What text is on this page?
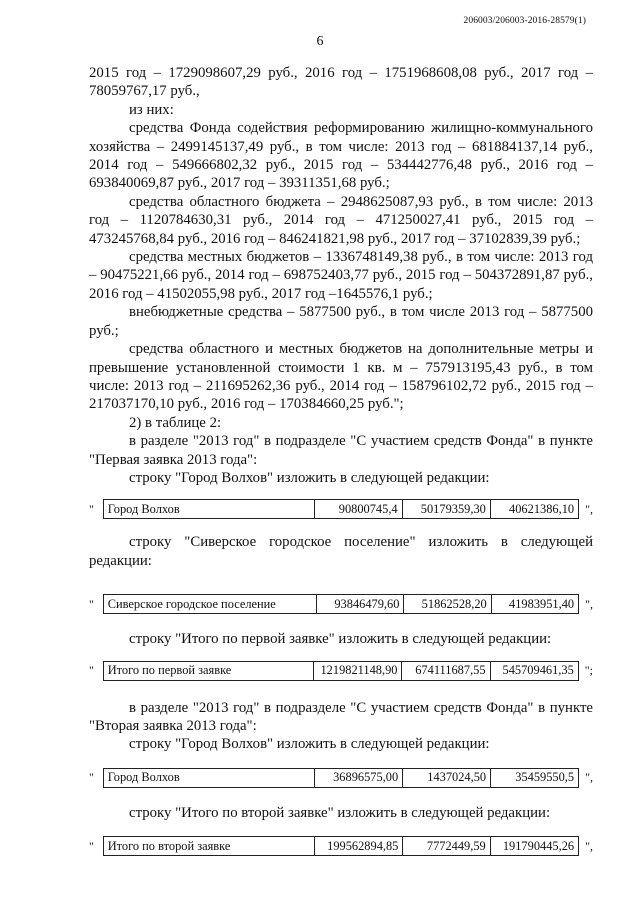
206003/206003-2016-28579(1)
6

2015 год – 1729098607,29 руб., 2016 год – 1751968608,08 руб., 2017 год – 78059767,17 руб.,

из них:

средства Фонда содействия реформированию жилищно-коммунального хозяйства – 2499145137,49 руб., в том числе: 2013 год – 681884137,14 руб., 2014 год – 549666802,32 руб., 2015 год – 534442776,48 руб., 2016 год – 693840069,87 руб., 2017 год – 39311351,68 руб.;

средства областного бюджета – 2948625087,93 руб., в том числе: 2013 год – 1120784630,31 руб., 2014 год – 471250027,41 руб., 2015 год – 473245768,84 руб., 2016 год – 846241821,98 руб., 2017 год – 37102839,39 руб.;

средства местных бюджетов – 1336748149,38 руб., в том числе: 2013 год – 90475221,66 руб., 2014 год – 698752403,77 руб., 2015 год – 504372891,87 руб., 2016 год – 41502055,98 руб., 2017 год –1645576,1 руб.;

внебюджетные средства – 5877500 руб., в том числе 2013 год – 5877500 руб.;

средства областного и местных бюджетов на дополнительные метры и превышение установленной стоимости 1 кв. м – 757913195,43 руб., в том числе: 2013 год – 211695262,36 руб., 2014 год – 158796102,72 руб., 2015 год – 217037170,10 руб., 2016 год – 170384660,25 руб.";

2) в таблице 2:

в разделе "2013 год" в подразделе "С участием средств Фонда" в пункте "Первая заявка 2013 года":

строку "Город Волхов" изложить в следующей редакции:

"	Город Волхов	90800745,4	50179359,30	40621386,10 ",

строку "Сиверское городское поселение" изложить в следующей редакции:

"	Сиверское городское поселение	93846479,60	51862528,20	41983951,40 ",

строку "Итого по первой заявке" изложить в следующей редакции:

"	Итого по первой заявке	1219821148,90	674111687,55	545709461,35 ";

в разделе "2013 год" в подразделе "С участием средств Фонда" в пункте "Вторая заявка 2013 года":

строку "Город Волхов" изложить в следующей редакции:

"	Город Волхов	36896575,00	1437024,50	35459550,5 ",

строку "Итого по второй заявке" изложить в следующей редакции:

"	Итого по второй заявке	199562894,85	7772449,59	191790445,26 ",
